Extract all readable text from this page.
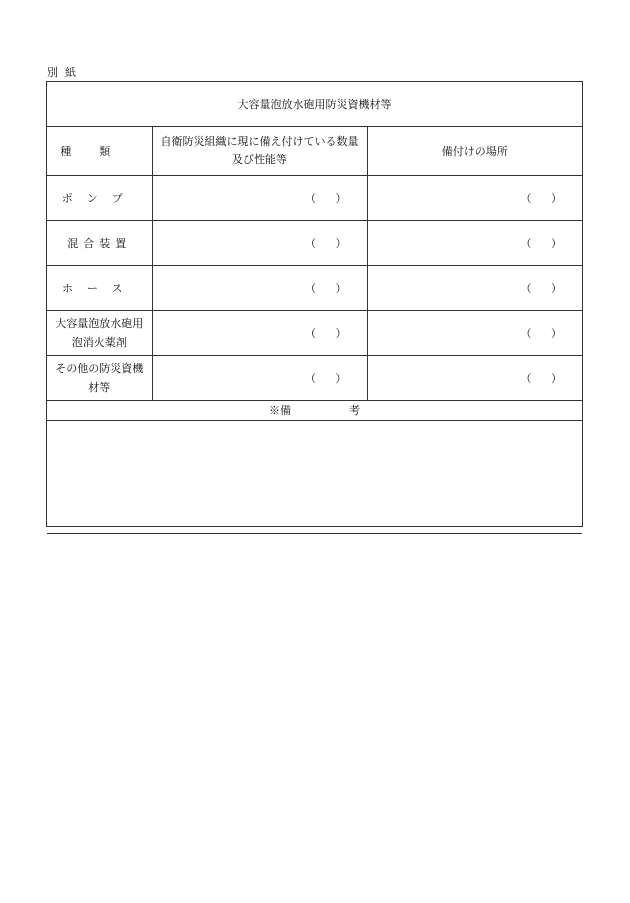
別紙
大容量泡放水砲用防災資機材等		
種類	自衛防災組織に現に備え付けている数量及び性能等	備付けの場所
ポンプ	（ ）	（ ）
混合装置	（ ）	（ ）
ホース	（ ）	（ ）
大容量泡放水砲用泡消火薬剤	（ ）	（ ）
その他の防災資機材等	（ ）	（ ）
※備 考		
